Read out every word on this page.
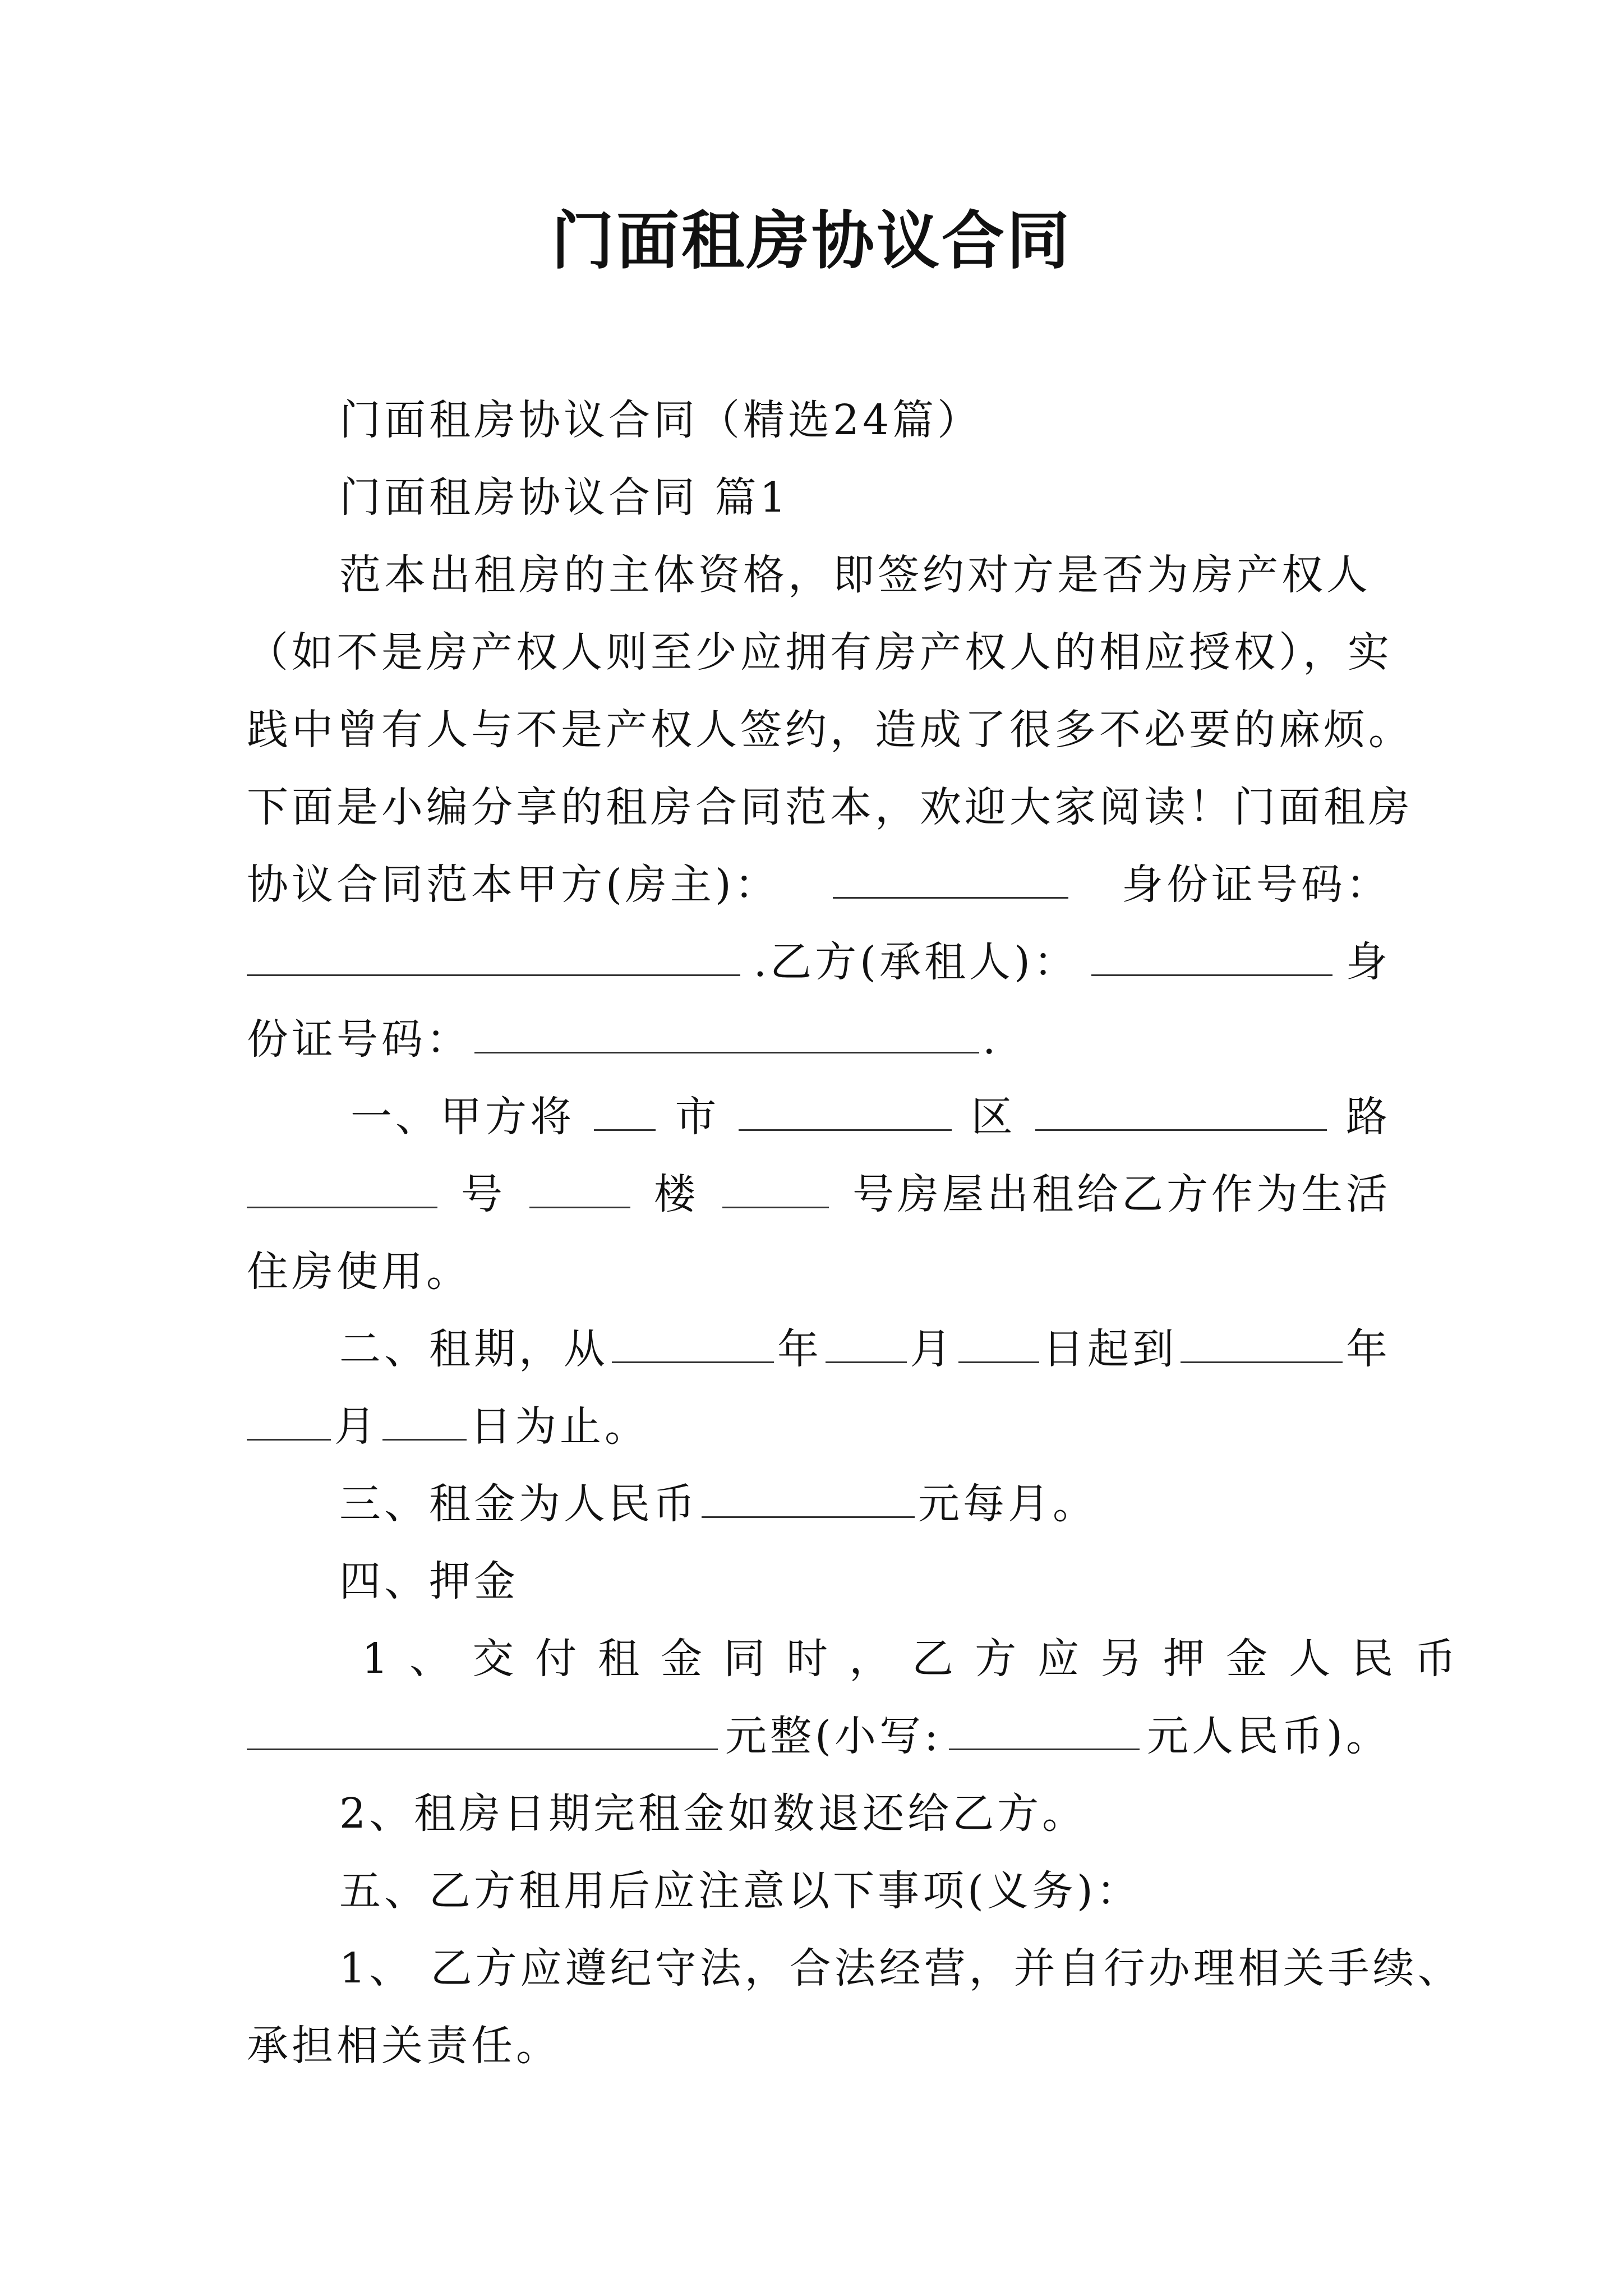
门面租房协议合同
门面租房协议合同（精选24篇）
门面租房协议合同 篇1
范本出租房的主体资格，即签约对方是否为房产权人
（如不是房产权人则至少应拥有房产权人的相应授权），实
践中曾有人与不是产权人签约，造成了很多不必要的麻烦。
下面是小编分享的租房合同范本，欢迎大家阅读！门面租房
协议合同范本甲方(房主)：	身份证号码：
.乙方(承租人)：	身
份证号码：	.
一、甲方将 市	区	路
号	楼	号房屋出租给乙方作为生活
住房使用。
二、租期，从	年 月 日起到	年
月 日为止。
三、租金为人民币	元每月。
四、押金
1、交付租金同时，乙方应另押金人民币
元整(小写:	元人民币)。
2、租房日期完租金如数退还给乙方。
五、乙方租用后应注意以下事项(义务)：
1、 乙方应遵纪守法，合法经营，并自行办理相关手续、
承担相关责任。
